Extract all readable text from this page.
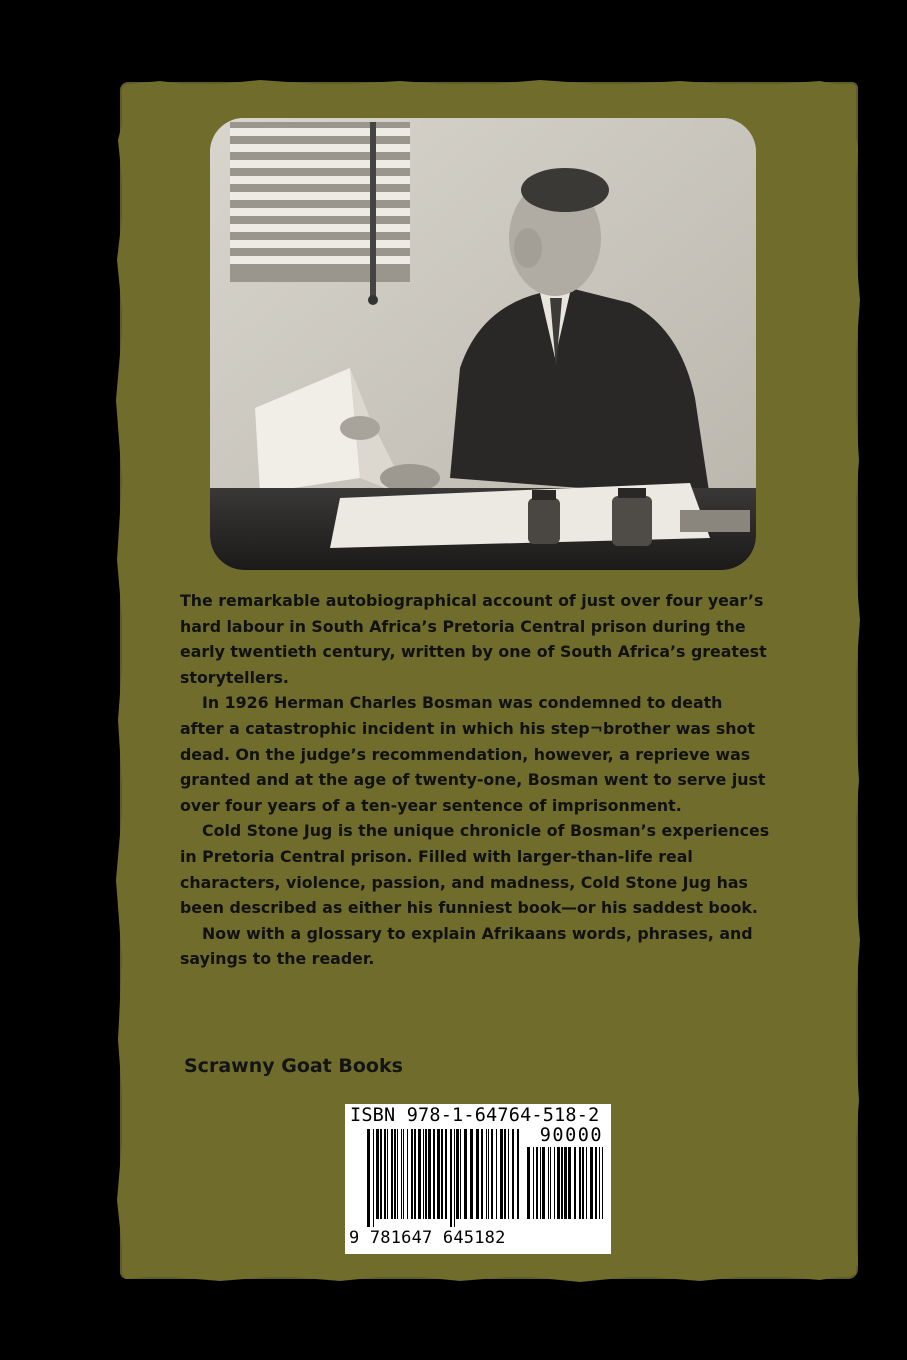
The remarkable autobiographical account of just over four year’s hard labour in South Africa’s Pretoria Central prison during the early twentieth century, written by one of South Africa’s greatest storytellers.

In 1926 Herman Charles Bosman was condemned to death after a catastrophic incident in which his step¬brother was shot dead. On the judge’s recommendation, however, a reprieve was granted and at the age of twenty-one, Bosman went to serve just over four years of a ten-year sentence of imprisonment.

Cold Stone Jug is the unique chronicle of Bosman’s experiences in Pretoria Central prison. Filled with larger-than-life real characters, violence, passion, and madness, Cold Stone Jug has been described as either his funniest book—or his saddest book.

Now with a glossary to explain Afrikaans words, phrases, and sayings to the reader.

Scrawny Goat Books
ISBN 978-1-64764-518-2
90000
9 781647 645182
